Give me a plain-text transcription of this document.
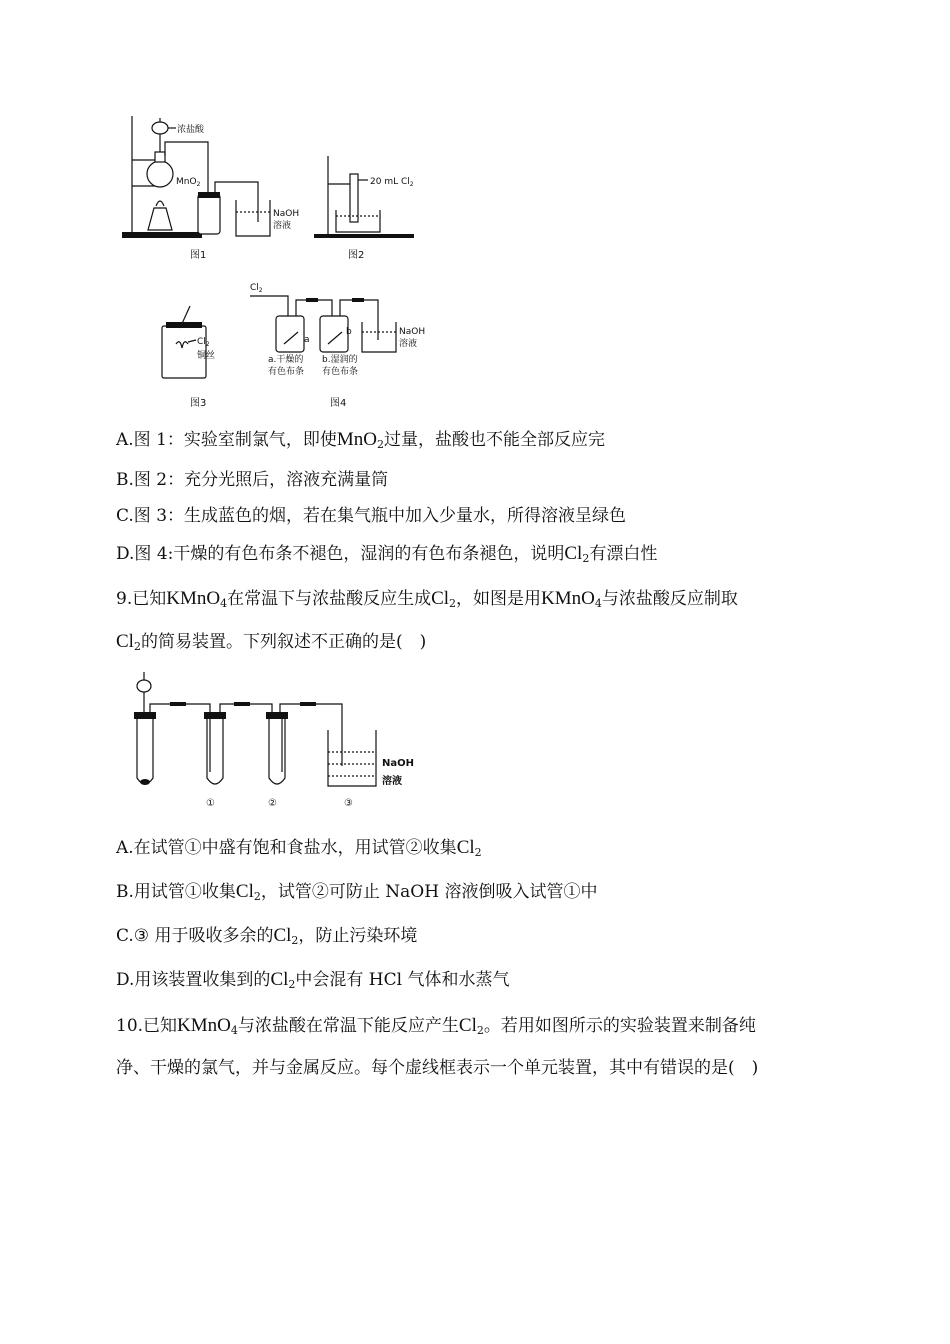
浓盐酸
MnO$_2$
NaOH
溶液
图1
20 mL $Cl_2$
图2
$Cl_2$
铜丝
图3
$Cl_2$
a
b	NaOH
溶液
a.干燥的
有色布条
b.湿润的
有色布条
图4
A.图 1：实验室制氯气，即使MnO$_2$过量，盐酸也不能全部反应完
B.图 2：充分光照后，溶液充满量筒
C.图 3：生成蓝色的烟，若在集气瓶中加入少量水，所得溶液呈绿色
D.图 4:干燥的有色布条不褪色，湿润的有色布条褪色，说明$Cl_2$有漂白性
9.已知KMnO$_4$在常温下与浓盐酸反应生成$Cl_2$，如图是用KMnO$_4$与浓盐酸反应制取
$Cl_2$的简易装置。下列叙述不正确的是(　)
NaOH
溶液
①	②	③
A.在试管①中盛有饱和食盐水，用试管②收集$Cl_2$
B.用试管①收集$Cl_2$，试管②可防止 NaOH 溶液倒吸入试管①中
C.③ 用于吸收多余的$Cl_2$，防止污染环境
D.用该装置收集到的$Cl_2$中会混有 HCl 气体和水蒸气
10.已知KMnO$_4$与浓盐酸在常温下能反应产生$Cl_2$。若用如图所示的实验装置来制备纯
净、干燥的氯气，并与金属反应。每个虚线框表示一个单元装置，其中有错误的是(　)
